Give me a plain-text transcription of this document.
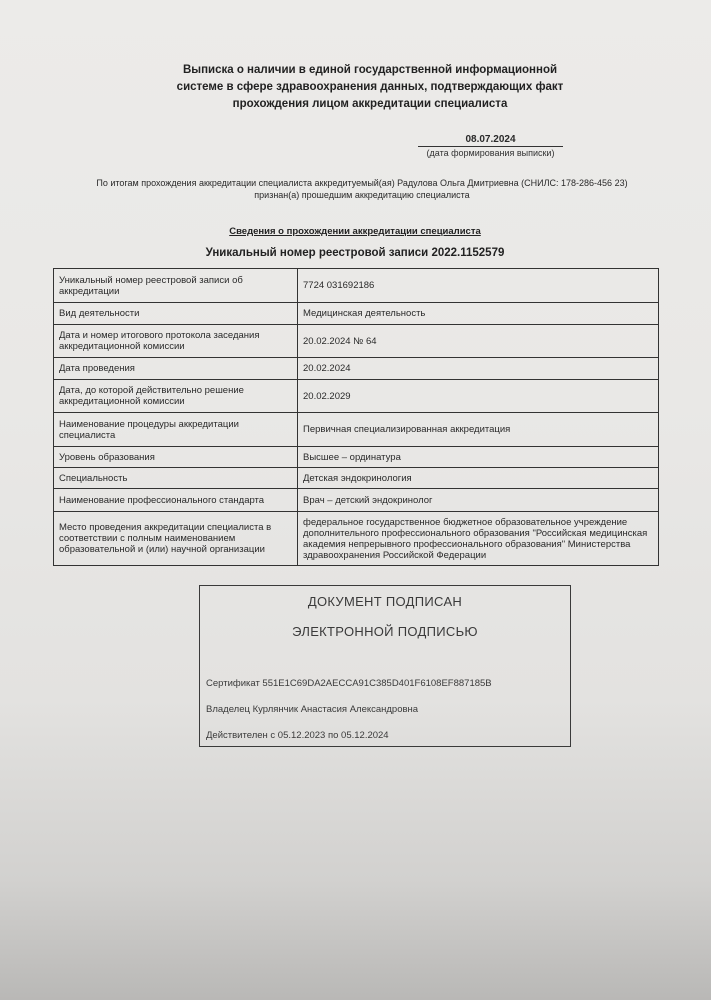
Выписка о наличии в единой государственной информационной
системе в сфере здравоохранения данных, подтверждающих факт
прохождения лицом аккредитации специалиста
08.07.2024
(дата формирования выписки)
По итогам прохождения аккредитации специалиста аккредитуемый(ая) Радулова Ольга Дмитриевна (СНИЛС: 178-286-456 23)
признан(а) прошедшим аккредитацию специалиста
Сведения о прохождении аккредитации специалиста
Уникальный номер реестровой записи 2022.1152579
Уникальный номер реестровой записи об аккредитации	7724 031692186
Вид деятельности	Медицинская деятельность
Дата и номер итогового протокола заседания аккредитационной комиссии	20.02.2024 № 64
Дата проведения	20.02.2024
Дата, до которой действительно решение аккредитационной комиссии	20.02.2029
Наименование процедуры аккредитации специалиста	Первичная специализированная аккредитация
Уровень образования	Высшее – ординатура
Специальность	Детская эндокринология
Наименование профессионального стандарта	Врач – детский эндокринолог
Место проведения аккредитации специалиста в соответствии с полным наименованием образовательной и (или) научной организации	федеральное государственное бюджетное образовательное учреждение дополнительного профессионального образования "Российская медицинская академия непрерывного профессионального образования" Министерства здравоохранения Российской Федерации
ДОКУМЕНТ ПОДПИСАН
ЭЛЕКТРОННОЙ ПОДПИСЬЮ
Сертификат 551E1C69DA2AECCA91C385D401F6108EF887185B
Владелец Курлянчик Анастасия Александровна
Действителен с 05.12.2023 по 05.12.2024
